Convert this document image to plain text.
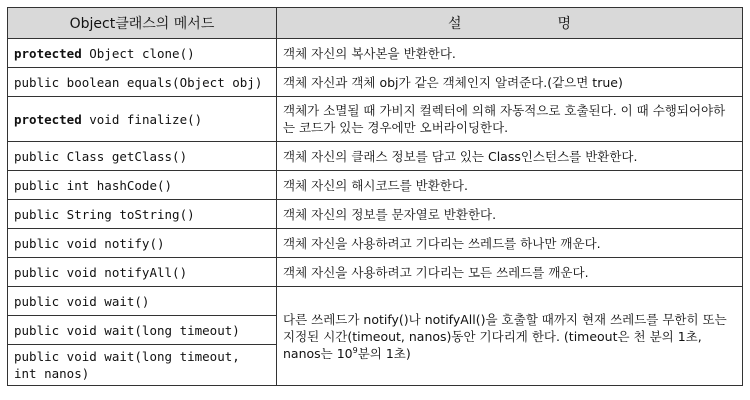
Object클래스의 메서드	설 명
protected Object clone()	객체 자신의 복사본을 반환한다.
public boolean equals(Object obj)	객체 자신과 객체 obj가 같은 객체인지 알려준다.(같으면 true)
protected void finalize()	객체가 소멸될 때 가비지 컬렉터에 의해 자동적으로 호출된다. 이 때 수행되어야하는 코드가 있는 경우에만 오버라이딩한다.
public Class getClass()	객체 자신의 클래스 정보를 담고 있는 Class인스턴스를 반환한다.
public int hashCode()	객체 자신의 해시코드를 반환한다.
public String toString()	객체 자신의 정보를 문자열로 반환한다.
public void notify()	객체 자신을 사용하려고 기다리는 쓰레드를 하나만 깨운다.
public void notifyAll()	객체 자신을 사용하려고 기다리는 모든 쓰레드를 깨운다.
public void wait()	다른 쓰레드가 notify()나 notifyAll()을 호출할 때까지 현재 쓰레드를 무한히 또는 지정된 시간(timeout, nanos)동안 기다리게 한다. (timeout은 천 분의 1초, nanos는 $10^9$분의 1초)
public void wait(long timeout)	
public void wait(long timeout,
int nanos)	
